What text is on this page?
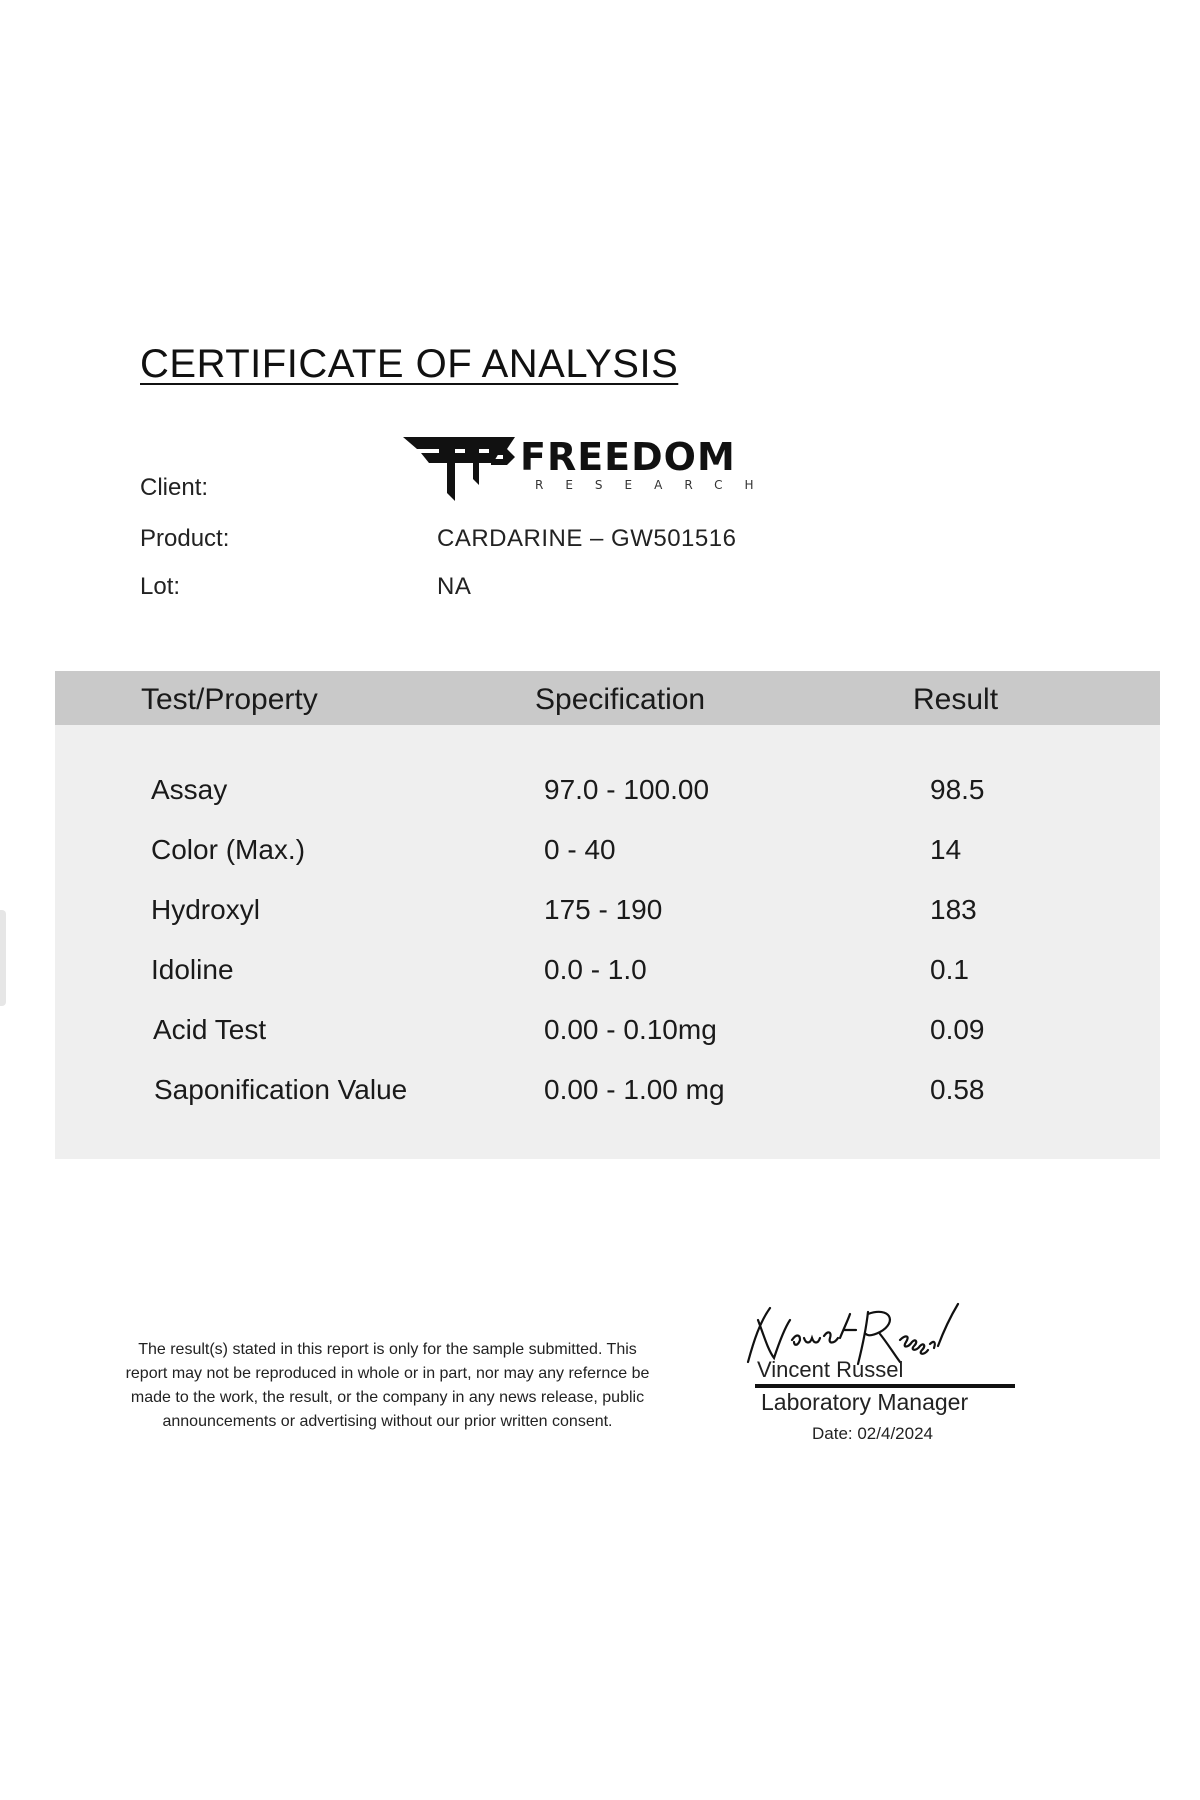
CERTIFICATE OF ANALYSIS
Client:
FREEDOM
RESEARCH
Product:	CARDARINE – GW501516
Lot:	NA
Test/Property	Specification	Result
Assay	97.0 - 100.00	98.5
Color (Max.)	0 - 40	14
Hydroxyl	175 - 190	183
Idoline	0.0 - 1.0	0.1
Acid Test	0.00 - 0.10mg	0.09
Saponification Value	0.00 - 1.00 mg	0.58
The result(s) stated in this report is only for the sample submitted. This report may not be reproduced in whole or in part, nor may any refernce be made to the work, the result, or the company in any news release, public announcements or advertising without our prior written consent.
Vincent Russel
Laboratory Manager
Date: 02/4/2024
